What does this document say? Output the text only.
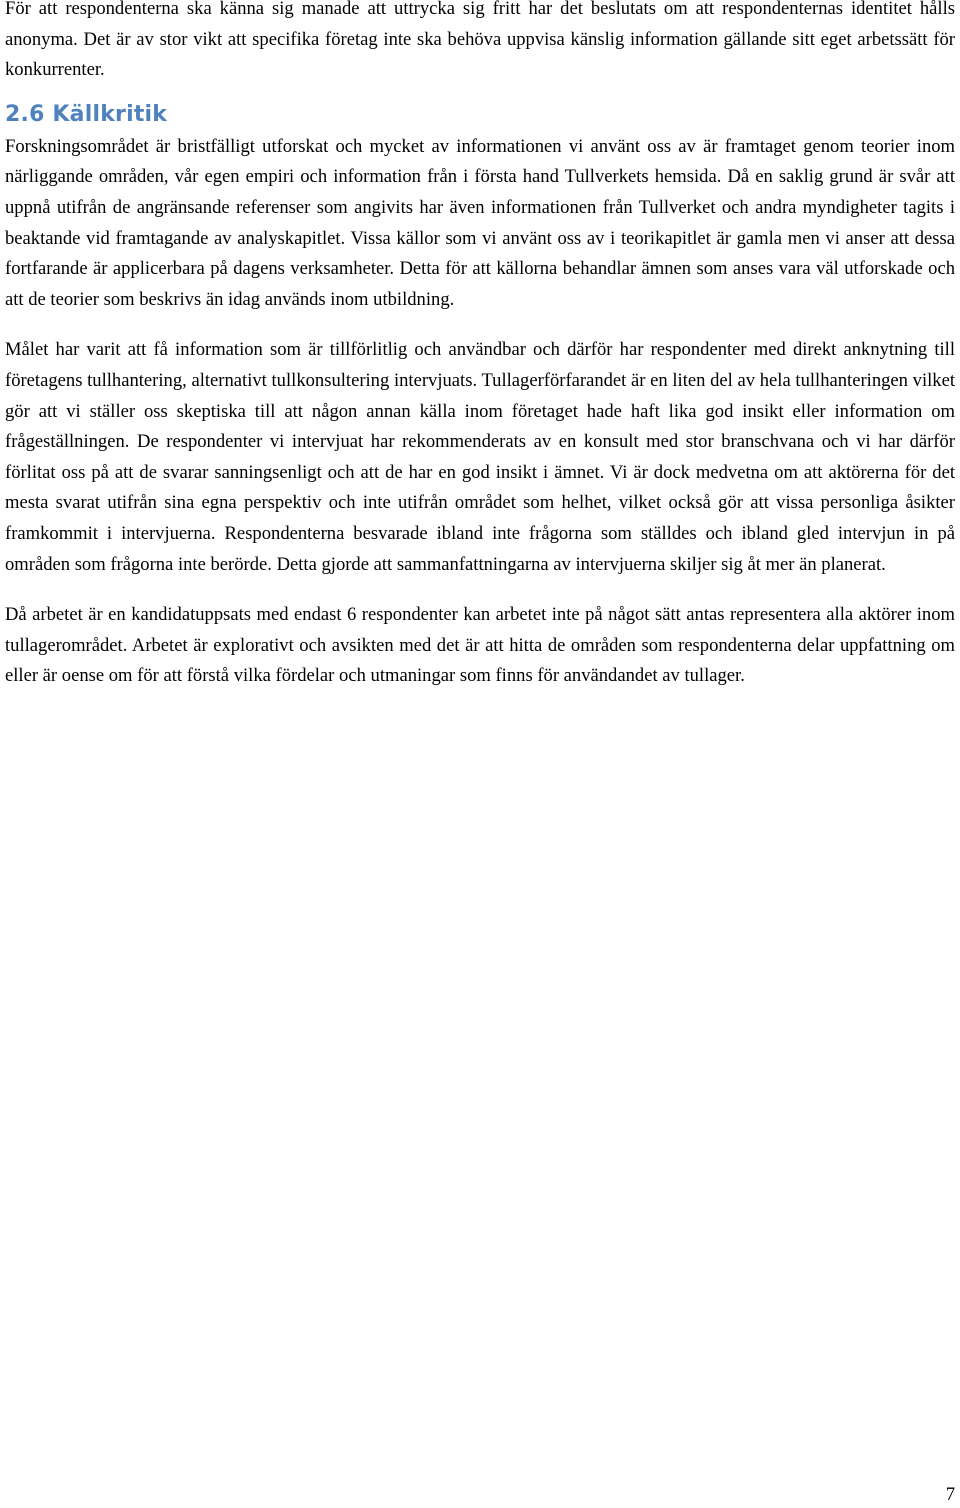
För att respondenterna ska känna sig manade att uttrycka sig fritt har det beslutats om att respondenternas identitet hålls anonyma. Det är av stor vikt att specifika företag inte ska behöva uppvisa känslig information gällande sitt eget arbetssätt för konkurrenter.

2.6 Källkritik

Forskningsområdet är bristfälligt utforskat och mycket av informationen vi använt oss av är framtaget genom teorier inom närliggande områden, vår egen empiri och information från i första hand Tullverkets hemsida. Då en saklig grund är svår att uppnå utifrån de angränsande referenser som angivits har även informationen från Tullverket och andra myndigheter tagits i beaktande vid framtagande av analyskapitlet. Vissa källor som vi använt oss av i teorikapitlet är gamla men vi anser att dessa fortfarande är applicerbara på dagens verksamheter. Detta för att källorna behandlar ämnen som anses vara väl utforskade och att de teorier som beskrivs än idag används inom utbildning.

Målet har varit att få information som är tillförlitlig och användbar och därför har respondenter med direkt anknytning till företagens tullhantering, alternativt tullkonsultering intervjuats. Tullagerförfarandet är en liten del av hela tullhanteringen vilket gör att vi ställer oss skeptiska till att någon annan källa inom företaget hade haft lika god insikt eller information om frågeställningen. De respondenter vi intervjuat har rekommenderats av en konsult med stor branschvana och vi har därför förlitat oss på att de svarar sanningsenligt och att de har en god insikt i ämnet. Vi är dock medvetna om att aktörerna för det mesta svarat utifrån sina egna perspektiv och inte utifrån området som helhet, vilket också gör att vissa personliga åsikter framkommit i intervjuerna. Respondenterna besvarade ibland inte frågorna som ställdes och ibland gled intervjun in på områden som frågorna inte berörde. Detta gjorde att sammanfattningarna av intervjuerna skiljer sig åt mer än planerat.

Då arbetet är en kandidatuppsats med endast 6 respondenter kan arbetet inte på något sätt antas representera alla aktörer inom tullagerområdet. Arbetet är explorativt och avsikten med det är att hitta de områden som respondenterna delar uppfattning om eller är oense om för att förstå vilka fördelar och utmaningar som finns för användandet av tullager.

7
